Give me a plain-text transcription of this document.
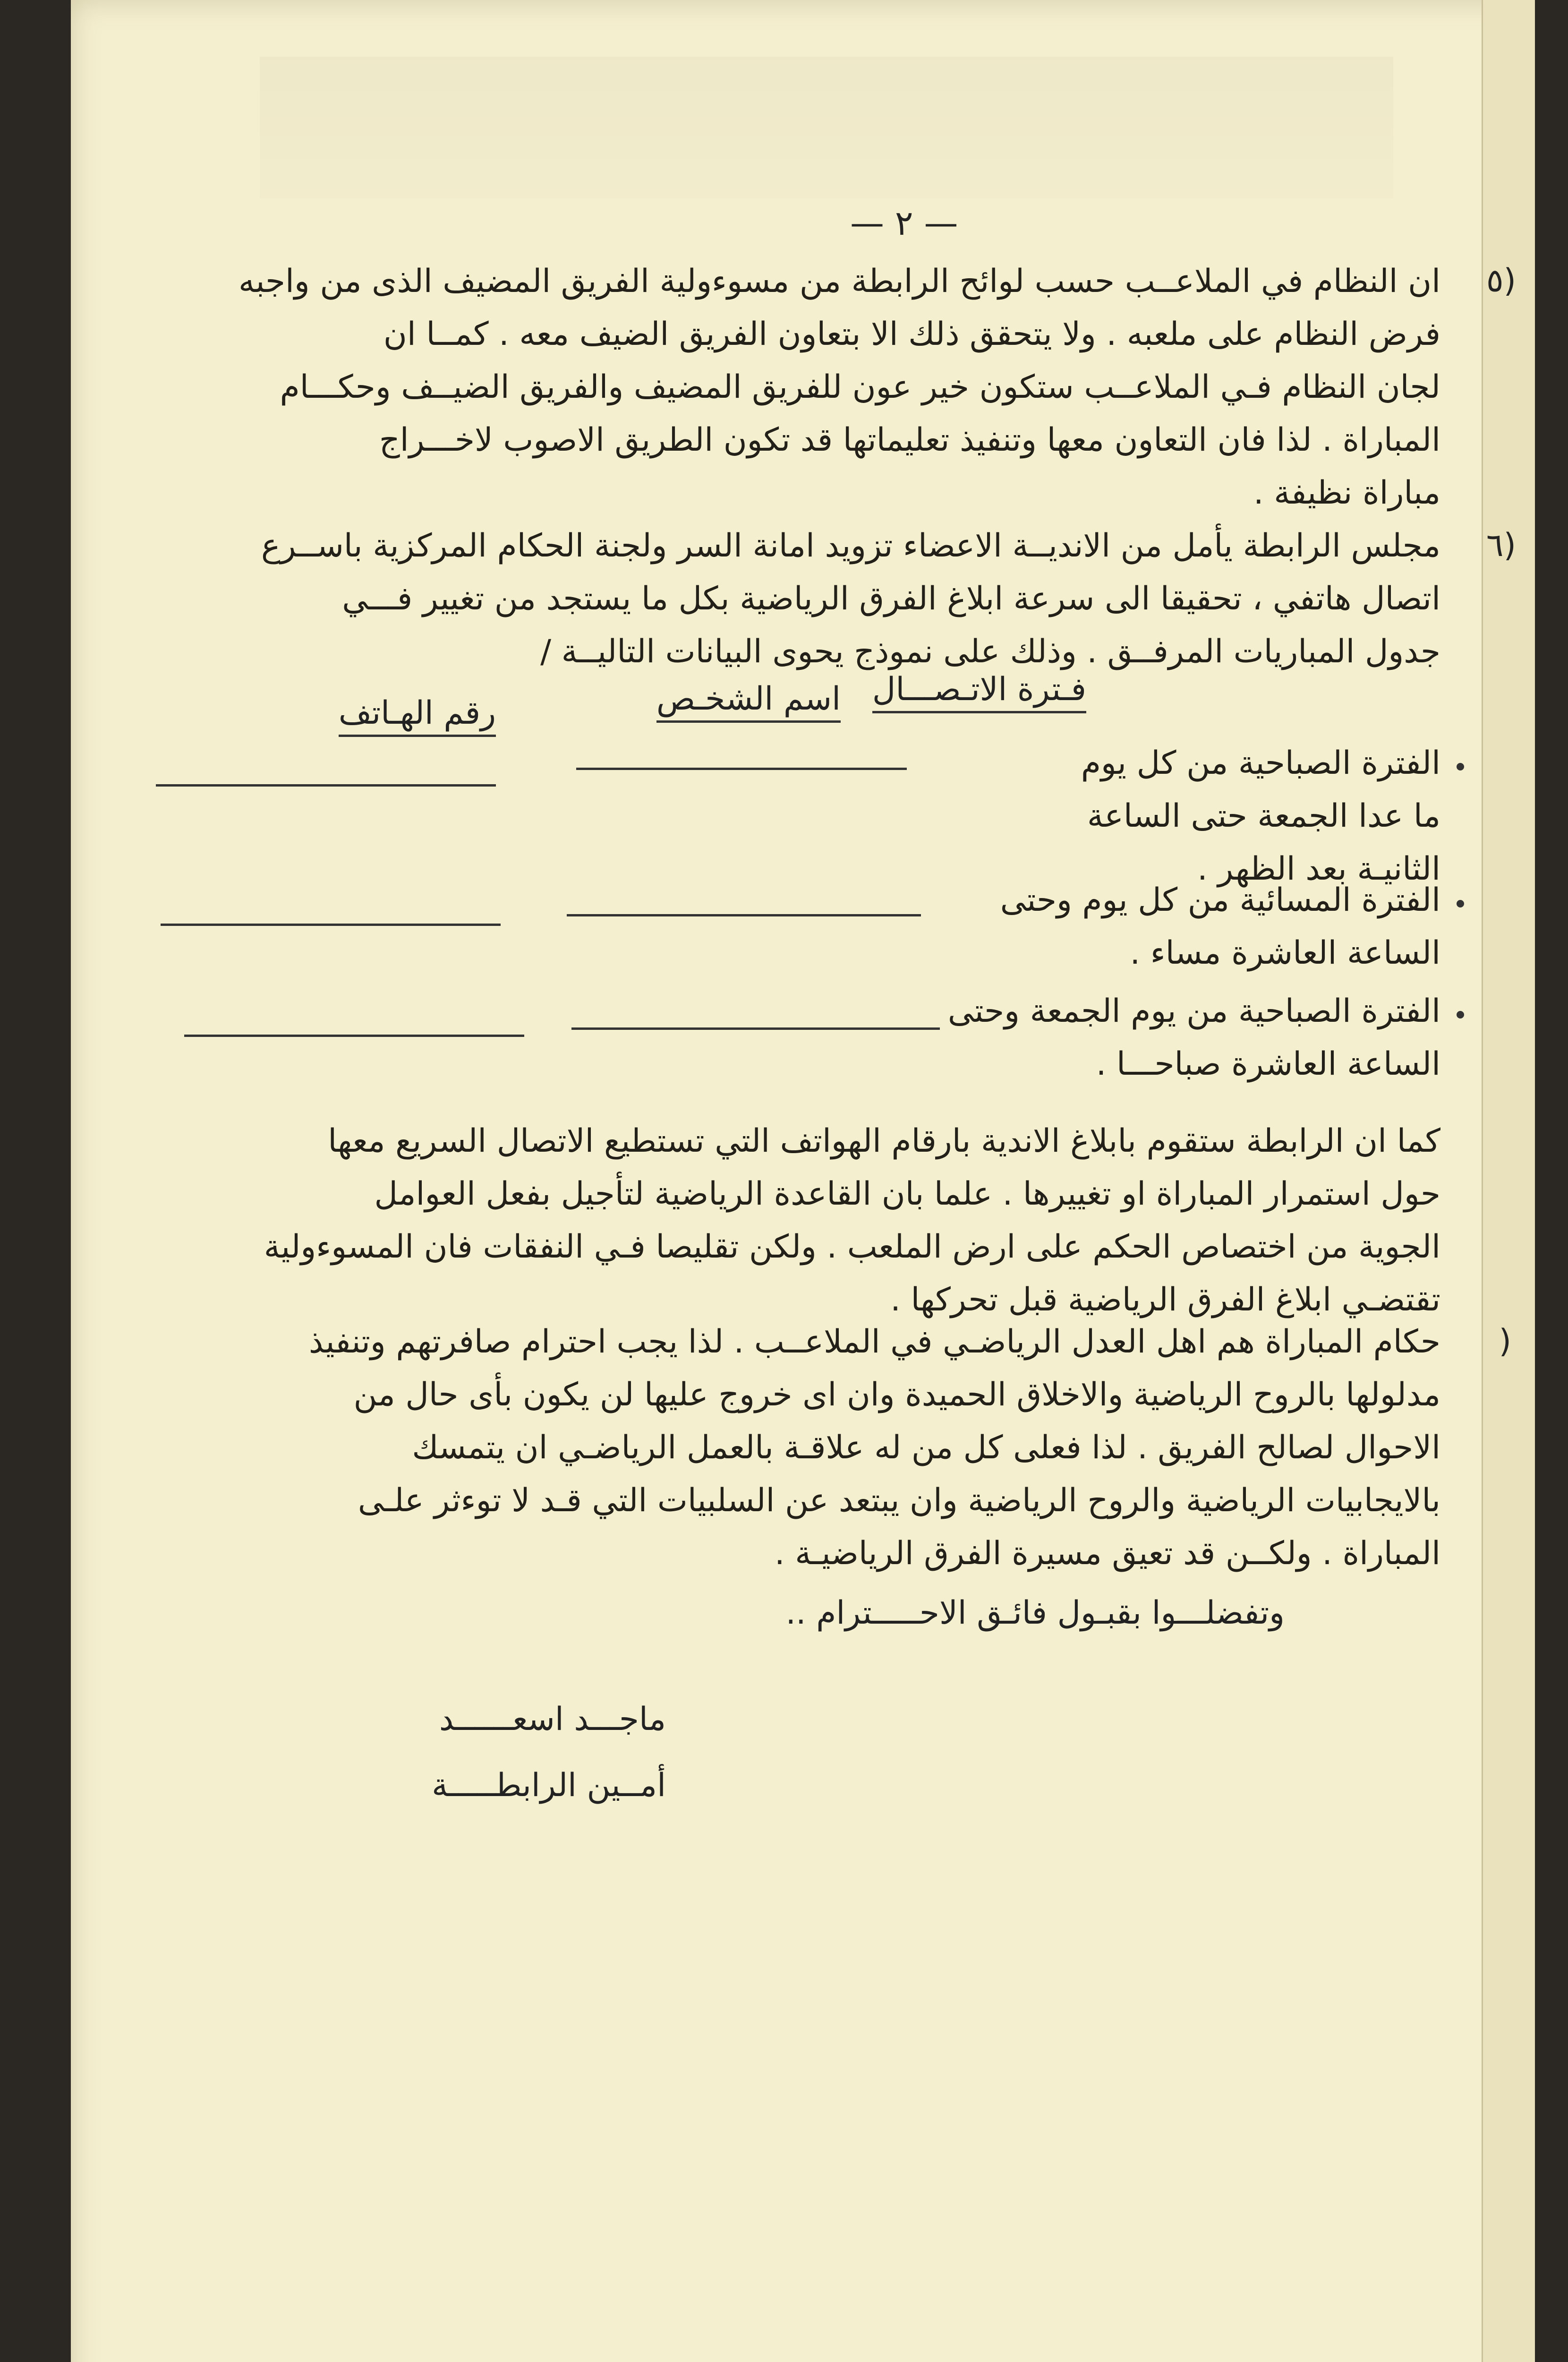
— ٢ —
٥)
ان النظام في الملاعــب حسب لوائح الرابطة من مسوءولية الفريق المضيف الذى من واجبه
فرض النظام على ملعبه . ولا يتحقق ذلك الا بتعاون الفريق الضيف معه . كمــا ان
لجان النظام فـي الملاعــب ستكون خير عون للفريق المضيف والفريق الضيــف وحكـــام
المباراة . لذا فان التعاون معها وتنفيذ تعليماتها قد تكون الطريق الاصوب لاخـــراج
مباراة نظيفة .
٦)
مجلس الرابطة يأمل من الانديــة الاعضاء تزويد امانة السر ولجنة الحكام المركزية باســرع
اتصال هاتفي ، تحقيقا الى سرعة ابلاغ الفرق الرياضية بكل ما يستجد من تغيير فـــي
جدول المباريات المرفــق . وذلك على نموذج يحوى البيانات التاليــة /
فـترة الاتـصـــال
اسم الشخـص
رقم الهـاتف
الفترة الصباحية من كل يوم
ما عدا الجمعة حتى الساعة
الثانيـة بعد الظهر .
الفترة المسائية من كل يوم وحتى
الساعة العاشرة مساء .
الفترة الصباحية من يوم الجمعة وحتى
الساعة العاشرة صباحـــا .
كما ان الرابطة ستقوم بابلاغ الاندية بارقام الهواتف التي تستطيع الاتصال السريع معها
حول استمرار المباراة او تغييرها . علما بان القاعدة الرياضية لتأجيل بفعل العوامل
الجوية من اختصاص الحكم على ارض الملعب . ولكن تقليصا فـي النفقات فان المسوءولية
تقتضـي ابلاغ الفرق الرياضية قبل تحركها .
)
حكام المباراة هم اهل العدل الرياضـي في الملاعــب . لذا يجب احترام صافرتهم وتنفيذ
مدلولها بالروح الرياضية والاخلاق الحميدة وان اى خروج عليها لن يكون بأى حال من
الاحوال لصالح الفريق . لذا فعلى كل من له علاقـة بالعمل الرياضـي ان يتمسك
بالايجابيات الرياضية والروح الرياضية وان يبتعد عن السلبيات التي قـد لا توءثر علـى
المباراة . ولكــن قد تعيق مسيرة الفرق الرياضيـة .
وتفضلـــوا بقبـول فائـق الاحـــــترام ..
ماجـــد اسعــــــد
أمــين الرابطـــــة
